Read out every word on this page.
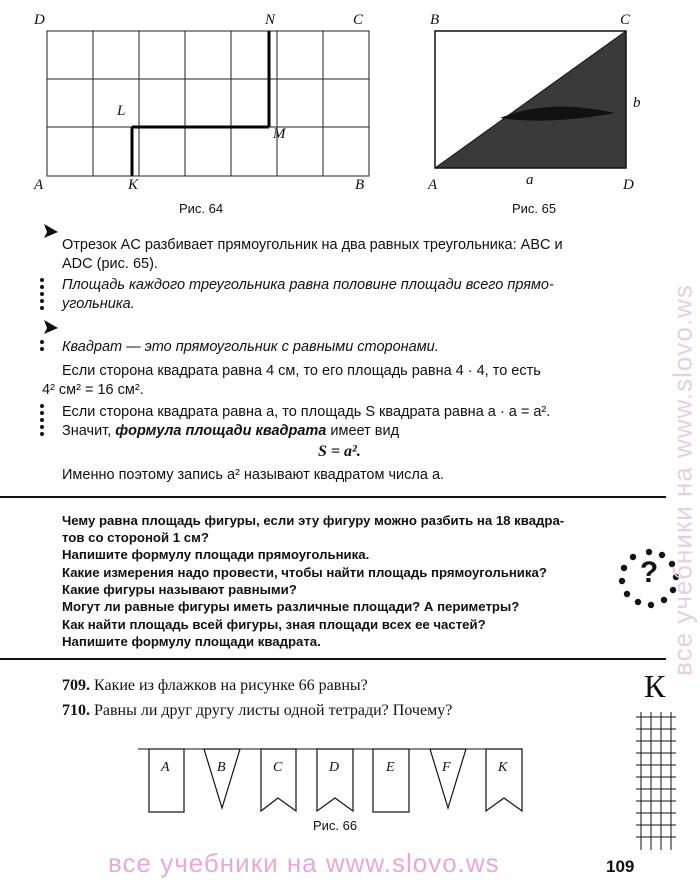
D	N	C
L
M
A	K	B
Рис. 64
B	C
b
A	a	D
Рис. 65
Отрезок AC разбивает прямоугольник на два равных треугольника: ABC и
ADC (рис. 65).
Площадь каждого треугольника равна половине площади всего прямо-
угольника.
Квадрат — это прямоугольник с равными сторонами.
Если сторона квадрата равна 4 см, то его площадь равна 4 · 4, то есть
4² см² = 16 см².
Если сторона квадрата равна a, то площадь S квадрата равна a · a = a².
Значит, формула площади квадрата имеет вид
S = a².
Именно поэтому запись a² называют квадратом числа a.
Чему равна площадь фигуры, если эту фигуру можно разбить на 18 квадра-
тов со стороной 1 см?
Напишите формулу площади прямоугольника.
Какие измерения надо провести, чтобы найти площадь прямоугольника?
Какие фигуры называют равными?
Могут ли равные фигуры иметь различные площади? А периметры?
Как найти площадь всей фигуры, зная площади всех ее частей?
Напишите формулу площади квадрата.
?
709. Какие из флажков на рисунке 66 равны?
710. Равны ли друг другу листы одной тетради? Почему?
К
A	B	C	D	E	F	K
Рис. 66
все учебники на www.slovo.ws	109
все учебники на www.slovo.ws
